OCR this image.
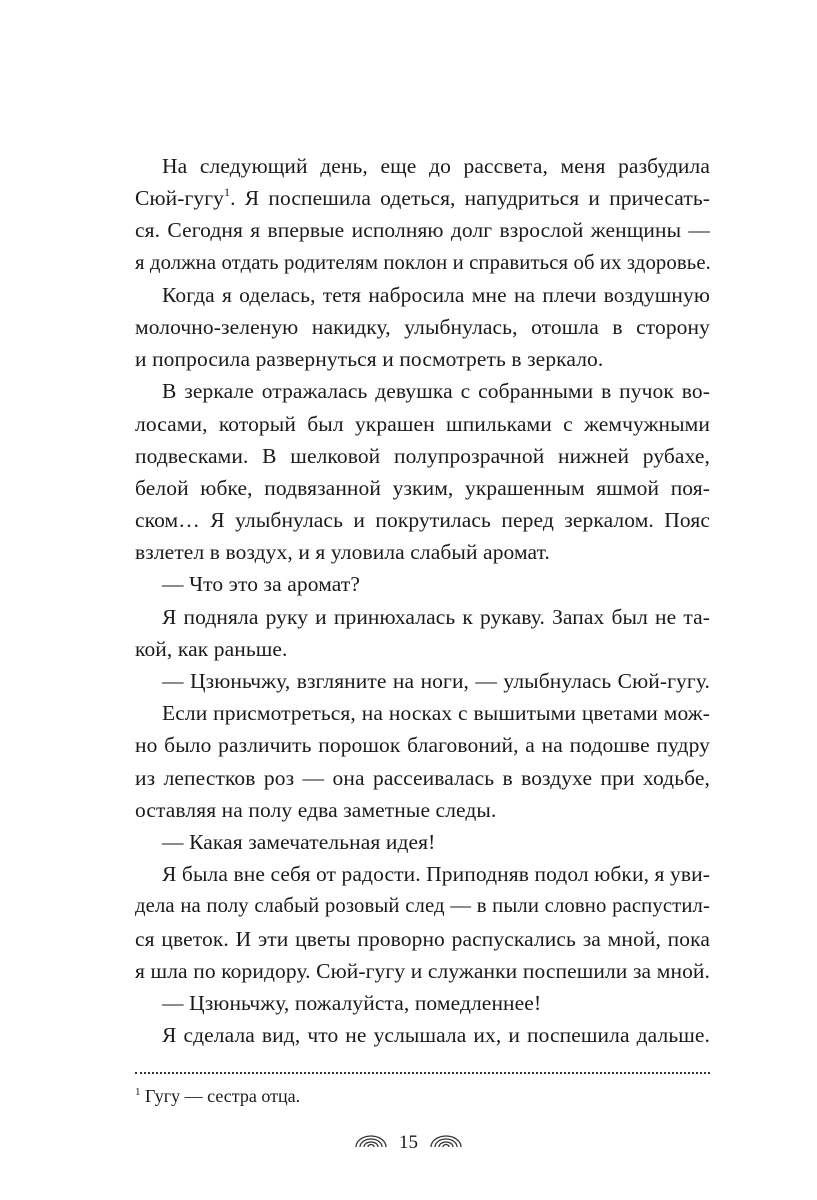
На следующий день, еще до рассвета, меня разбудила
Сюй-гугу$^1$. Я поспешила одеться, напудриться и причесать-
ся. Сегодня я впервые исполняю долг взрослой женщины —
я должна отдать родителям поклон и справиться об их здоровье.
Когда я оделась, тетя набросила мне на плечи воздушную
молочно-зеленую накидку, улыбнулась, отошла в сторону
и попросила развернуться и посмотреть в зеркало.
В зеркале отражалась девушка с собранными в пучок во-
лосами, который был украшен шпильками с жемчужными
подвесками. В шелковой полупрозрачной нижней рубахе,
белой юбке, подвязанной узким, украшенным яшмой поя-
ском… Я улыбнулась и покрутилась перед зеркалом. Пояс
взлетел в воздух, и я уловила слабый аромат.
— Что это за аромат?
Я подняла руку и принюхалась к рукаву. Запах был не та-
кой, как раньше.
— Цзюньчжу, взгляните на ноги, — улыбнулась Сюй-гугу.
Если присмотреться, на носках с вышитыми цветами мож-
но было различить порошок благовоний, а на подошве пудру
из лепестков роз — она рассеивалась в воздухе при ходьбе,
оставляя на полу едва заметные следы.
— Какая замечательная идея!
Я была вне себя от радости. Приподняв подол юбки, я уви-
дела на полу слабый розовый след — в пыли словно распустил-
ся цветок. И эти цветы проворно распускались за мной, пока
я шла по коридору. Сюй-гугу и служанки поспешили за мной.
— Цзюньчжу, пожалуйста, помедленнее!
Я сделала вид, что не услышала их, и поспешила дальше.
$^1$ Гугу — сестра отца.
15
